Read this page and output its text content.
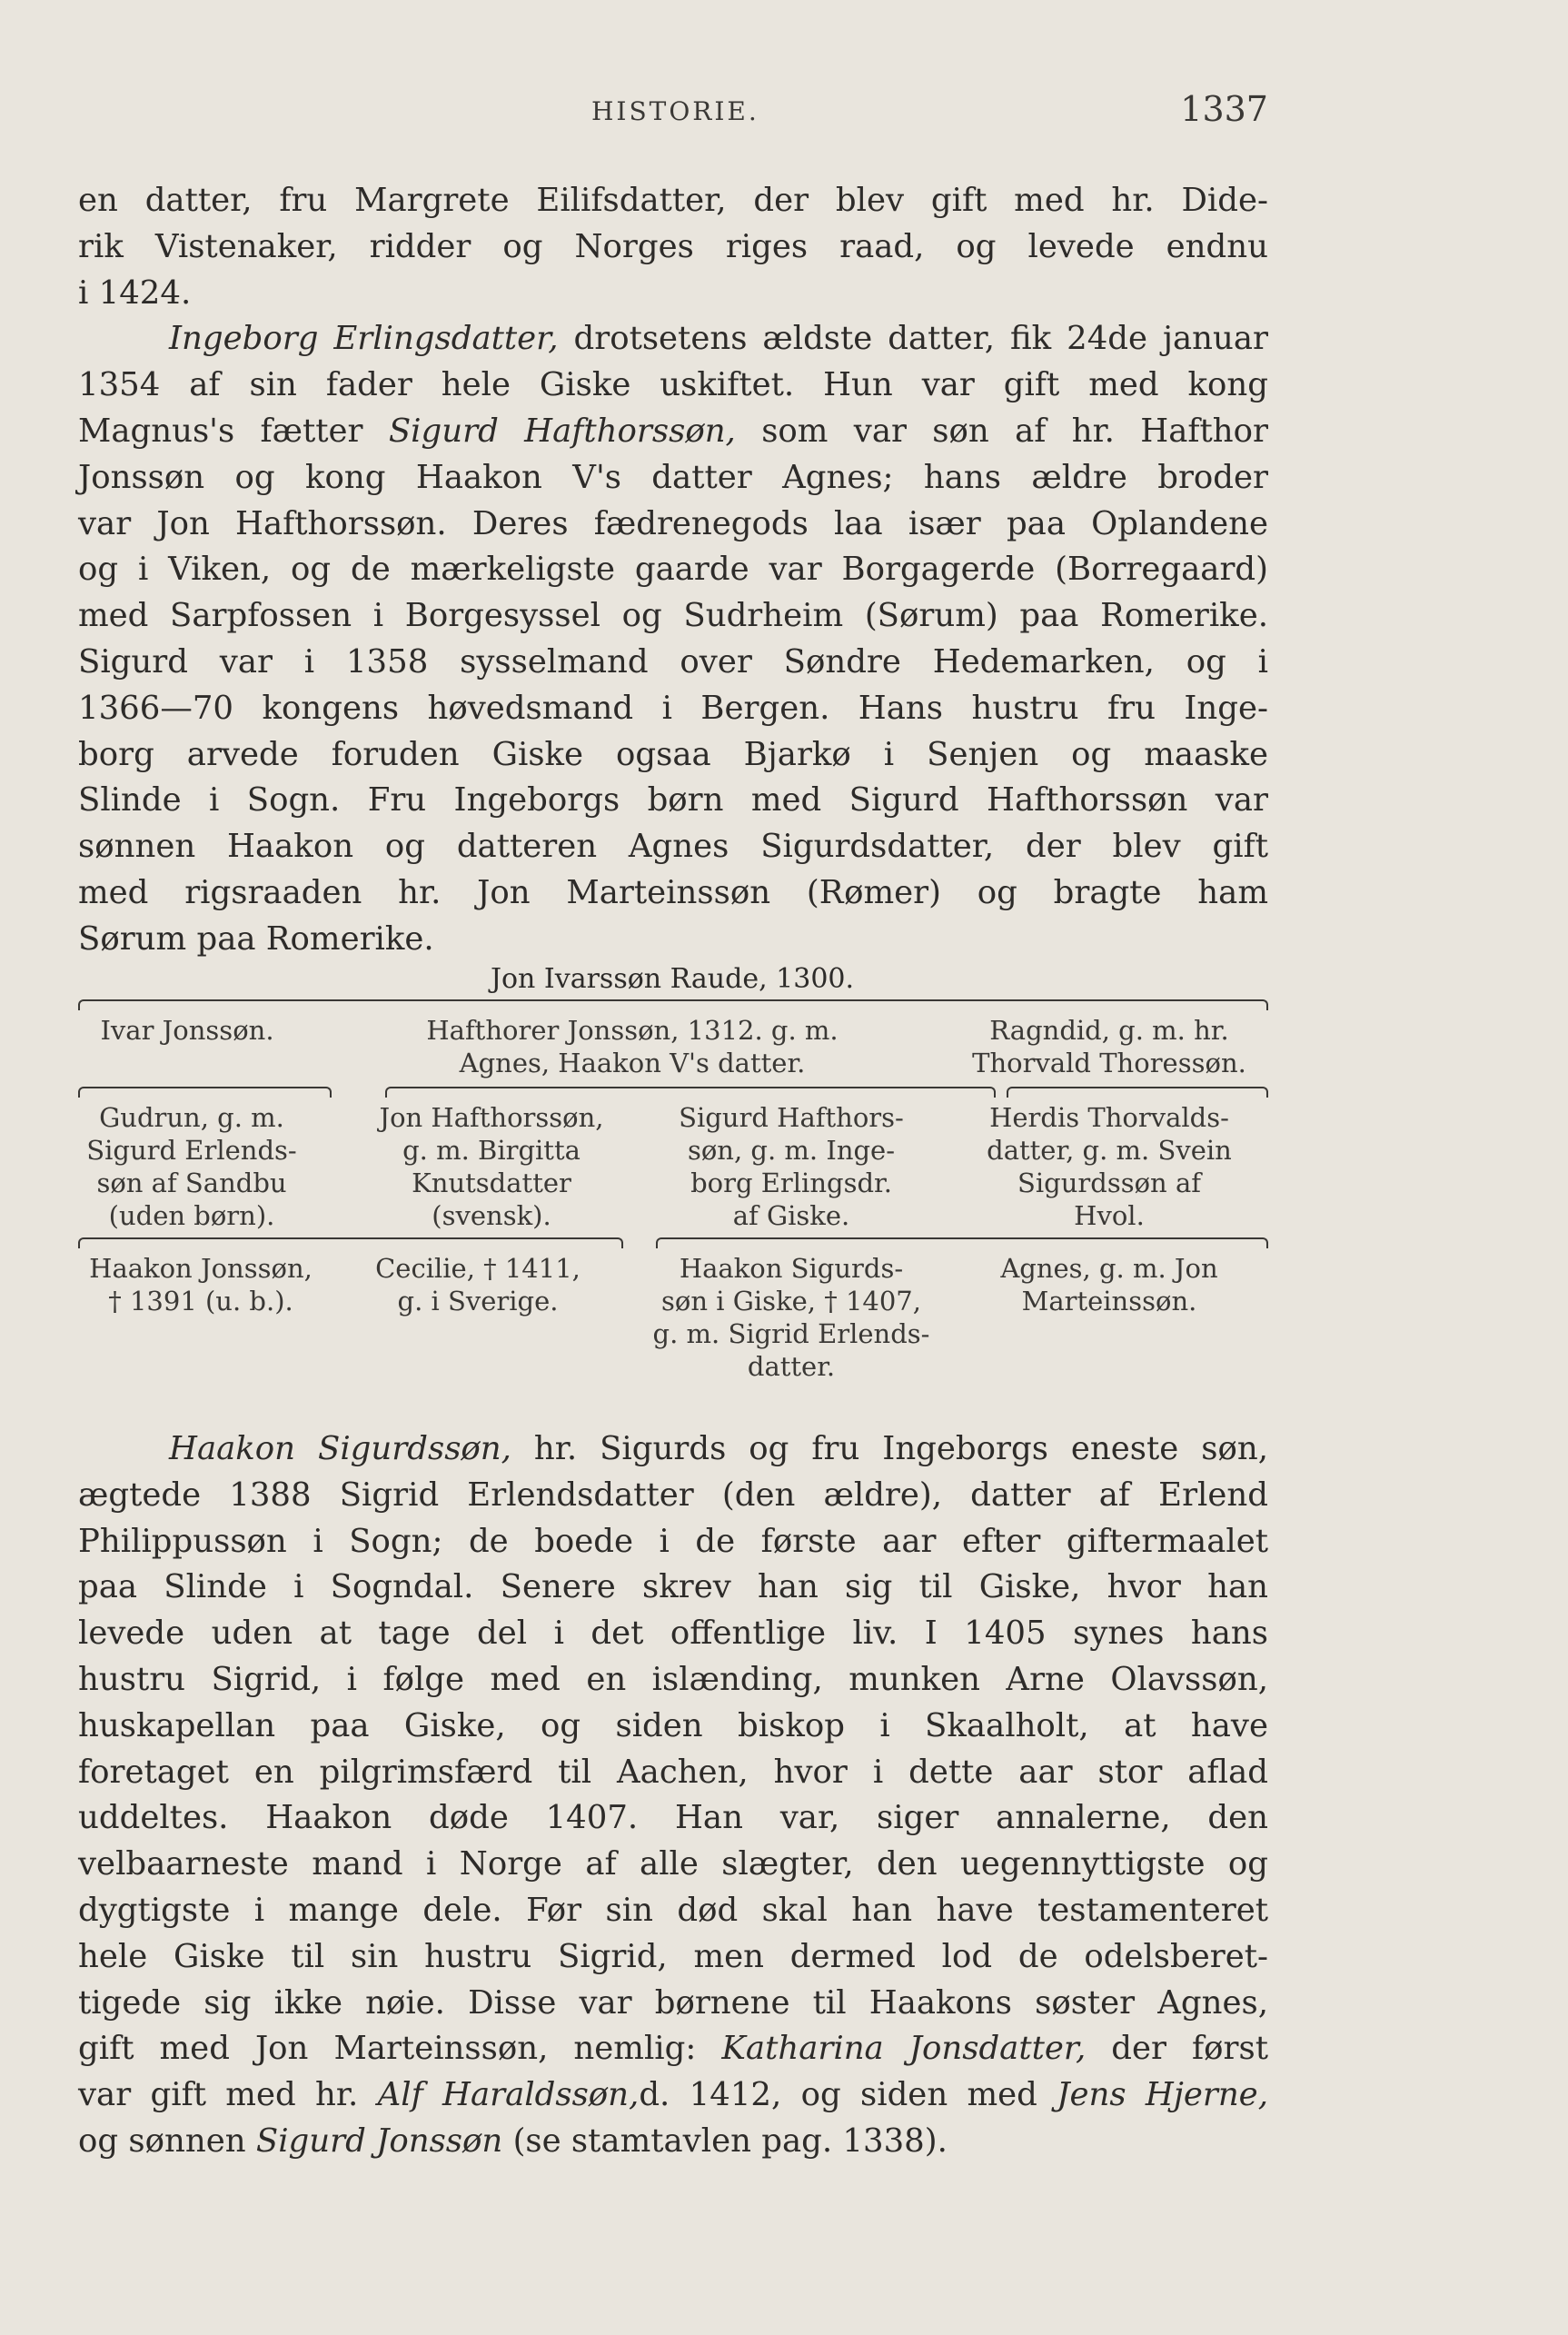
HISTORIE.	1337
en datter, fru Margrete Eilifsdatter, der blev gift med hr. Dide-
rik Vistenaker, ridder og Norges riges raad, og levede endnu
i 1424.
Ingeborg Erlingsdatter, drotsetens ældste datter, fik 24de januar
1354 af sin fader hele Giske uskiftet. Hun var gift med kong
Magnus's fætter Sigurd Hafthorssøn, som var søn af hr. Hafthor
Jonssøn og kong Haakon V's datter Agnes; hans ældre broder
var Jon Hafthorssøn. Deres fædrenegods laa især paa Oplandene
og i Viken, og de mærkeligste gaarde var Borgagerde (Borregaard)
med Sarpfossen i Borgesyssel og Sudrheim (Sørum) paa Romerike.
Sigurd var i 1358 sysselmand over Søndre Hedemarken, og i
1366—70 kongens høvedsmand i Bergen. Hans hustru fru Inge-
borg arvede foruden Giske ogsaa Bjarkø i Senjen og maaske
Slinde i Sogn. Fru Ingeborgs børn med Sigurd Hafthorssøn var
sønnen Haakon og datteren Agnes Sigurdsdatter, der blev gift
med rigsraaden hr. Jon Marteinssøn (Rømer) og bragte ham
Sørum paa Romerike.
Jon Ivarssøn Raude, 1300.
Ivar Jonssøn.	Hafthorer Jonssøn, 1312. g. m.
Agnes, Haakon V's datter.
Ragndid, g. m. hr.
Thorvald Thoressøn.
Gudrun, g. m.
Sigurd Erlends-
søn af Sandbu
(uden børn).
Jon Hafthorssøn,
g. m. Birgitta
Knutsdatter
(svensk).
Sigurd Hafthors-
søn, g. m. Inge-
borg Erlingsdr.
af Giske.
Herdis Thorvalds-
datter, g. m. Svein
Sigurdssøn af
Hvol.
Haakon Jonssøn,
† 1391 (u. b.).
Cecilie, † 1411,
g. i Sverige.
Haakon Sigurds-
søn i Giske, † 1407,
g. m. Sigrid Erlends-
datter.
Agnes, g. m. Jon
Marteinssøn.
Haakon Sigurdssøn, hr. Sigurds og fru Ingeborgs eneste søn,
ægtede 1388 Sigrid Erlendsdatter (den ældre), datter af Erlend
Philippussøn i Sogn; de boede i de første aar efter giftermaalet
paa Slinde i Sogndal. Senere skrev han sig til Giske, hvor han
levede uden at tage del i det offentlige liv. I 1405 synes hans
hustru Sigrid, i følge med en islænding, munken Arne Olavssøn,
huskapellan paa Giske, og siden biskop i Skaalholt, at have
foretaget en pilgrimsfærd til Aachen, hvor i dette aar stor aflad
uddeltes. Haakon døde 1407. Han var, siger annalerne, den
velbaarneste mand i Norge af alle slægter, den uegennyttigste og
dygtigste i mange dele. Før sin død skal han have testamenteret
hele Giske til sin hustru Sigrid, men dermed lod de odelsberet-
tigede sig ikke nøie. Disse var børnene til Haakons søster Agnes,
gift med Jon Marteinssøn, nemlig: Katharina Jonsdatter, der først
var gift med hr. Alf Haraldssøn,d. 1412, og siden med Jens Hjerne,
og sønnen Sigurd Jonssøn (se stamtavlen pag. 1338).
